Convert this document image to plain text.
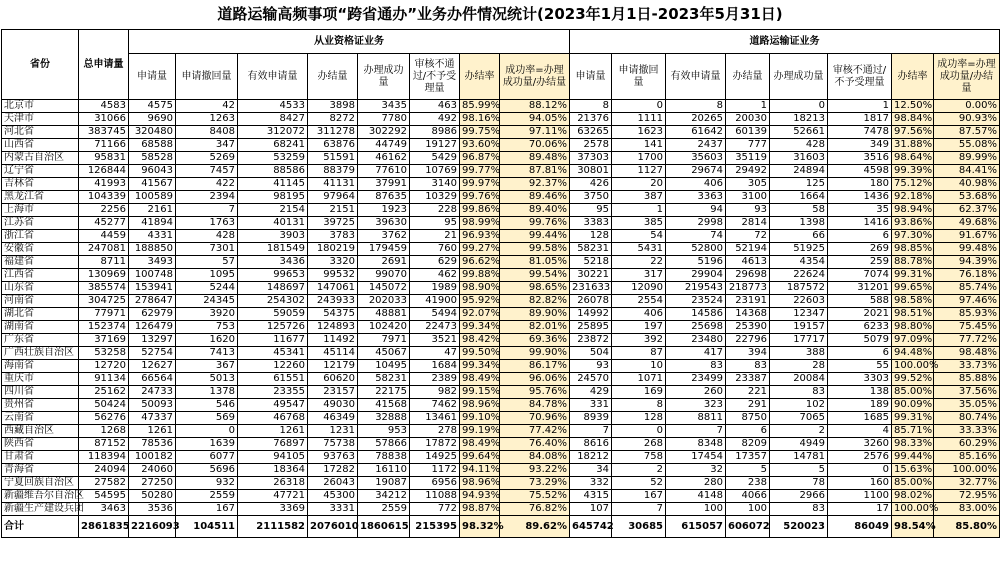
道路运输高频事项“跨省通办”业务办件情况统计(2023年1月1日-2023年5月31日)
省份	总申请量	从业资格证业务								道路运输证业务							
		申请量	申请撤回量	有效申请量	办结量	办理成功量	审核不通过/不予受理量	办结率	成功率=办理成功量/办结量	申请量	申请撤回量	有效申请量	办结量	办理成功量	审核不通过/不予受理量	办结率	成功率=办理成功量/办结量
北京市	4583	4575	42	4533	3898	3435	463	85.99%	88.12%	8	0	8	1	0	1	12.50%	0.00%
天津市	31066	9690	1263	8427	8272	7780	492	98.16%	94.05%	21376	1111	20265	20030	18213	1817	98.84%	90.93%
河北省	383745	320480	8408	312072	311278	302292	8986	99.75%	97.11%	63265	1623	61642	60139	52661	7478	97.56%	87.57%
山西省	71166	68588	347	68241	63876	44749	19127	93.60%	70.06%	2578	141	2437	777	428	349	31.88%	55.08%
内蒙古自治区	95831	58528	5269	53259	51591	46162	5429	96.87%	89.48%	37303	1700	35603	35119	31603	3516	98.64%	89.99%
辽宁省	126844	96043	7457	88586	88379	77610	10769	99.77%	87.81%	30801	1127	29674	29492	24894	4598	99.39%	84.41%
吉林省	41993	41567	422	41145	41131	37991	3140	99.97%	92.37%	426	20	406	305	125	180	75.12%	40.98%
黑龙江省	104339	100589	2394	98195	97964	87635	10329	99.76%	89.46%	3750	387	3363	3100	1664	1436	92.18%	53.68%
上海市	2256	2161	7	2154	2151	1923	228	99.86%	89.40%	95	1	94	93	58	35	98.94%	62.37%
江苏省	45277	41894	1763	40131	39725	39630	95	98.99%	99.76%	3383	385	2998	2814	1398	1416	93.86%	49.68%
浙江省	4459	4331	428	3903	3783	3762	21	96.93%	99.44%	128	54	74	72	66	6	97.30%	91.67%
安徽省	247081	188850	7301	181549	180219	179459	760	99.27%	99.58%	58231	5431	52800	52194	51925	269	98.85%	99.48%
福建省	8711	3493	57	3436	3320	2691	629	96.62%	81.05%	5218	22	5196	4613	4354	259	88.78%	94.39%
江西省	130969	100748	1095	99653	99532	99070	462	99.88%	99.54%	30221	317	29904	29698	22624	7074	99.31%	76.18%
山东省	385574	153941	5244	148697	147061	145072	1989	98.90%	98.65%	231633	12090	219543	218773	187572	31201	99.65%	85.74%
河南省	304725	278647	24345	254302	243933	202033	41900	95.92%	82.82%	26078	2554	23524	23191	22603	588	98.58%	97.46%
湖北省	77971	62979	3920	59059	54375	48881	5494	92.07%	89.90%	14992	406	14586	14368	12347	2021	98.51%	85.93%
湖南省	152374	126479	753	125726	124893	102420	22473	99.34%	82.01%	25895	197	25698	25390	19157	6233	98.80%	75.45%
广东省	37169	13297	1620	11677	11492	7971	3521	98.42%	69.36%	23872	392	23480	22796	17717	5079	97.09%	77.72%
广西壮族自治区	53258	52754	7413	45341	45114	45067	47	99.50%	99.90%	504	87	417	394	388	6	94.48%	98.48%
海南省	12720	12627	367	12260	12179	10495	1684	99.34%	86.17%	93	10	83	83	28	55	100.00%	33.73%
重庆市	91134	66564	5013	61551	60620	58231	2389	98.49%	96.06%	24570	1071	23499	23387	20084	3303	99.52%	85.88%
四川省	25162	24733	1378	23355	23157	22175	982	99.15%	95.76%	429	169	260	221	83	138	85.00%	37.56%
贵州省	50424	50093	546	49547	49030	41568	7462	98.96%	84.78%	331	8	323	291	102	189	90.09%	35.05%
云南省	56276	47337	569	46768	46349	32888	13461	99.10%	70.96%	8939	128	8811	8750	7065	1685	99.31%	80.74%
西藏自治区	1268	1261	0	1261	1231	953	278	99.19%	77.42%	7	0	7	6	2	4	85.71%	33.33%
陕西省	87152	78536	1639	76897	75738	57866	17872	98.49%	76.40%	8616	268	8348	8209	4949	3260	98.33%	60.29%
甘肃省	118394	100182	6077	94105	93763	78838	14925	99.64%	84.08%	18212	758	17454	17357	14781	2576	99.44%	85.16%
青海省	24094	24060	5696	18364	17282	16110	1172	94.11%	93.22%	34	2	32	5	5	0	15.63%	100.00%
宁夏回族自治区	27582	27250	932	26318	26043	19087	6956	98.96%	73.29%	332	52	280	238	78	160	85.00%	32.77%
新疆维吾尔自治区	54595	50280	2559	47721	45300	34212	11088	94.93%	75.52%	4315	167	4148	4066	2966	1100	98.02%	72.95%
新疆生产建设兵团	3463	3536	167	3369	3331	2559	772	98.87%	76.82%	107	7	100	100	83	17	100.00%	83.00%
合计	2861835	2216093	104511	2111582	2076010	1860615	215395	98.32%	89.62%	645742	30685	615057	606072	520023	86049	98.54%	85.80%
